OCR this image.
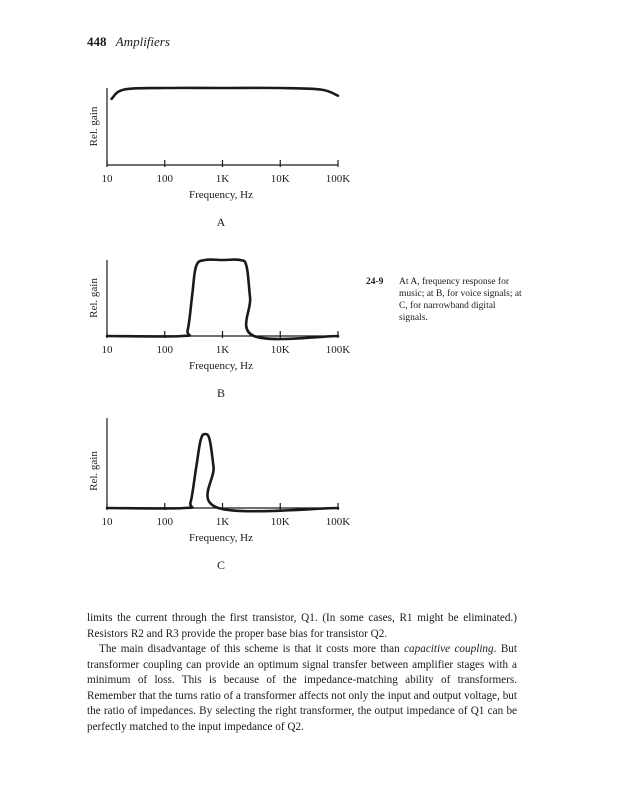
448 Amplifiers
10	100	1K	10K	100K
Frequency, Hz
Rel. gain
A
10	100	1K	10K	100K
Frequency, Hz
Rel. gain
B
10	100	1K	10K	100K
Frequency, Hz
Rel. gain
C
24-9 At A, frequency response for music; at B, for voice signals; at C, for narrowband digital signals.

limits the current through the first transistor, Q1. (In some cases, R1 might be eliminated.) Resistors R2 and R3 provide the proper base bias for transistor Q2.

The main disadvantage of this scheme is that it costs more than capacitive coupling. But transformer coupling can provide an optimum signal transfer between amplifier stages with a minimum of loss. This is because of the impedance-matching ability of transformers. Remember that the turns ratio of a transformer affects not only the input and output voltage, but the ratio of impedances. By selecting the right transformer, the output impedance of Q1 can be perfectly matched to the input impedance of Q2.
